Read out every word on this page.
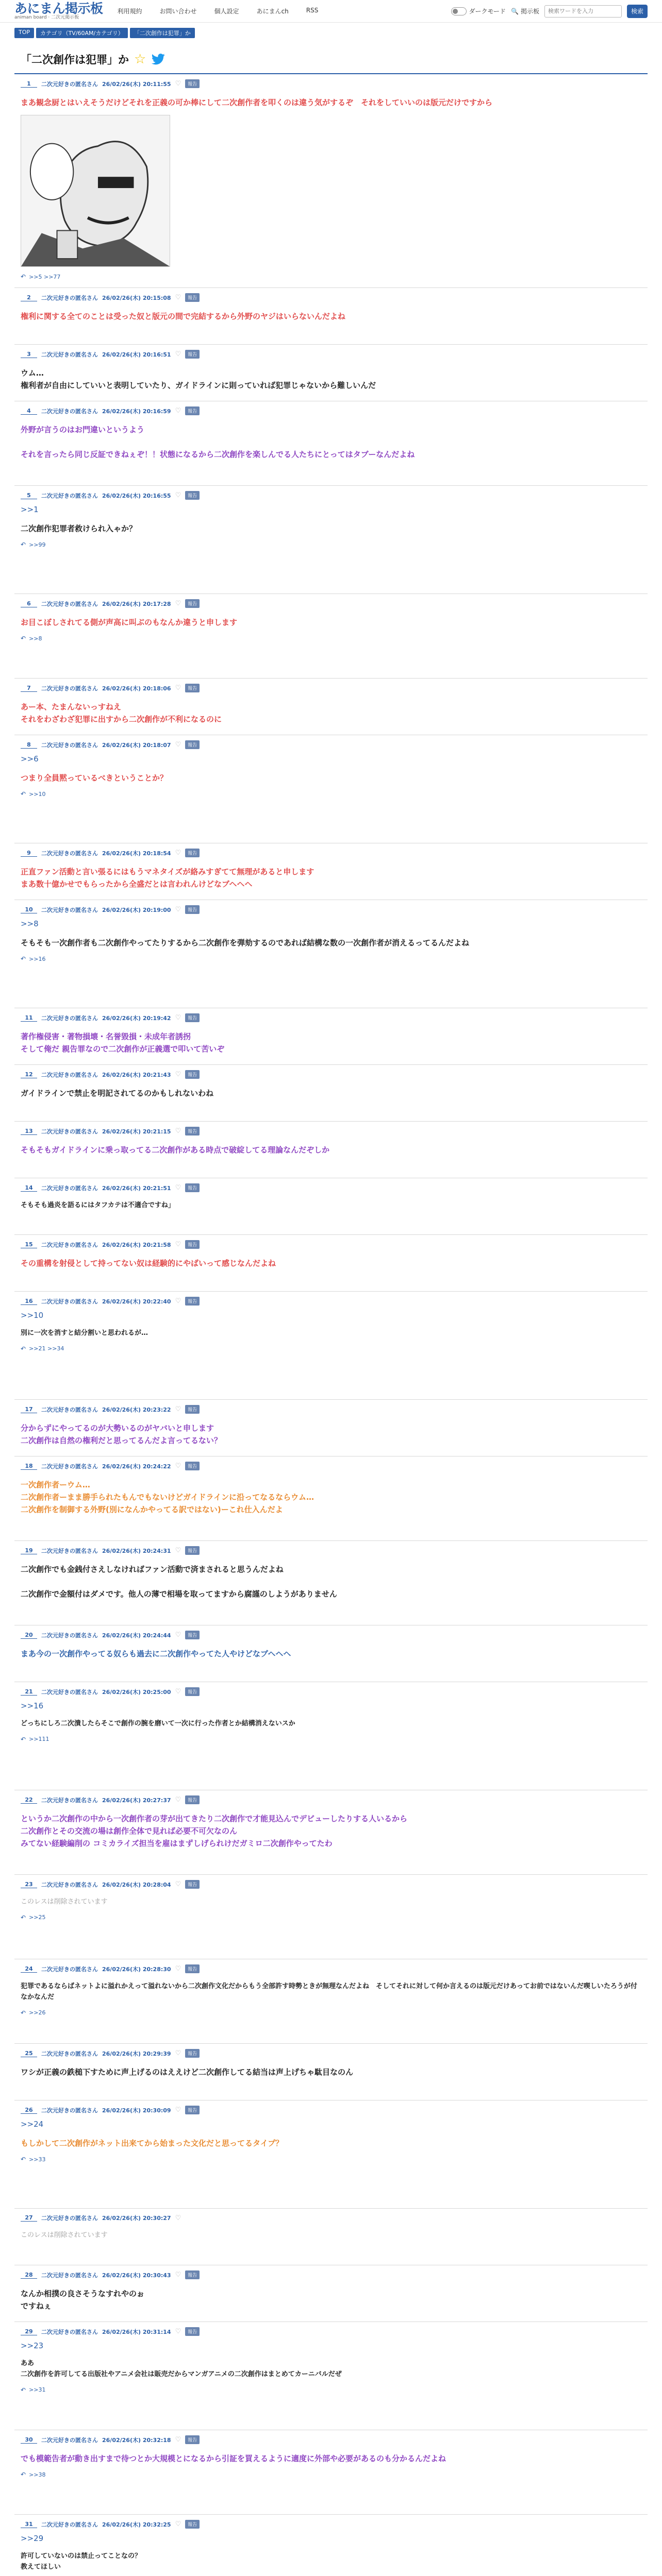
あにまん掲示板
animan board · 二次元掲示板
利用規約	お問い合わせ	個人設定	あにまんch	RSS	ダークモード 🔍 掲示板
検索ワードを入力	検索
TOP	カテゴリ（TV/60AM/カテゴリ）	「二次創作は犯罪」か
「二次創作は犯罪」か ☆
1	二次元好きの匿名さん 26/02/26(木) 20:11:55 ♡	報告
まあ観念厨とはいえそうだけどそれを正義の可か棒にして二次創作者を叩くのは違う気がするぞ　それをしていいのは版元だけですから
↶ >>5 >>77
2	二次元好きの匿名さん 26/02/26(木) 20:15:08 ♡	報告
権利に関する全てのことは受った奴と版元の間で完結するから外野のヤジはいらないんだよね
3	二次元好きの匿名さん 26/02/26(木) 20:16:51 ♡	報告
ウム…
権利者が自由にしていいと表明していたり、ガイドラインに則っていれば犯罪じゃないから難しいんだ
4	二次元好きの匿名さん 26/02/26(木) 20:16:59 ♡	報告
外野が言うのはお門違いというよう

それを言ったら同じ反証できねぇぞ！！状態になるから二次創作を楽しんでる人たちにとってはタブーなんだよね
5	二次元好きの匿名さん 26/02/26(木) 20:16:55 ♡	報告
>>1
二次創作犯罪者救けられ入ゃか？
↶ >>99
6	二次元好きの匿名さん 26/02/26(木) 20:17:28 ♡	報告
お目こぼしされてる側が声高に叫ぶのもなんか違うと申します
↶ >>8
7	二次元好きの匿名さん 26/02/26(木) 20:18:06 ♡	報告
あー本、たまんないっすねえ
それをわざわざ犯罪に出すから二次創作が不利になるのに
8	二次元好きの匿名さん 26/02/26(木) 20:18:07 ♡	報告
>>6
つまり全員黙っているべきということか？
↶ >>10
9	二次元好きの匿名さん 26/02/26(木) 20:18:54 ♡	報告
正直ファン活動と言い張るにはもうマネタイズが絡みすぎてて無理があると申します
まあ数十億かせでもらったから全盛だとは言われんけどなブヘヘヘ
10	二次元好きの匿名さん 26/02/26(木) 20:19:00 ♡	報告
>>8
そもそも一次創作者も二次創作やってたりするから二次創作を弾劾するのであれば結構な数の一次創作者が消えるってるんだよね
↶ >>16
11	二次元好きの匿名さん 26/02/26(木) 20:19:42 ♡	報告
著作権侵害・著物損壊・名誉毀損・未成年者誘拐
そして俺だ 親告罪なので二次創作が正義選で叩いて苦いぞ
12	二次元好きの匿名さん 26/02/26(木) 20:21:43 ♡	報告
ガイドラインで禁止を明記されてるのかもしれないわね
13	二次元好きの匿名さん 26/02/26(木) 20:21:15 ♡	報告
そもそもガイドラインに乗っ取ってる二次創作がある時点で破綻してる理論なんだぞしか
14	二次元好きの匿名さん 26/02/26(木) 20:21:51 ♡	報告
そもそも過炎を語るにはタフカテは不適合ですね」
15	二次元好きの匿名さん 26/02/26(木) 20:21:58 ♡	報告
その重構を射侵として持ってない奴は経験的にやばいって感じなんだよね
16	二次元好きの匿名さん 26/02/26(木) 20:22:40 ♡	報告
>>10
別に一次を消すと結分割いと思われるが…
↶ >>21 >>34
17	二次元好きの匿名さん 26/02/26(木) 20:23:22 ♡	報告
分からずにやってるのが大勢いるのがヤバいと申します
二次創作は自然の権利だと思ってるんだよ言ってるない？
18	二次元好きの匿名さん 26/02/26(木) 20:24:22 ♡	報告
一次創作者ーウム…
二次創作者ーまま勝手られたもんでもないけどガイドラインに沿ってなるならウム…
二次創作を制御する外野(別になんかやってる訳ではない)ーこれ仕入んだよ
19	二次元好きの匿名さん 26/02/26(木) 20:24:31 ♡	報告
二次創作でも金銭付さえしなければファン活動で済まされると思うんだよね

二次創作で金額付はダメです。他人の薄で相場を取ってますから腐謹のしようがありません
20	二次元好きの匿名さん 26/02/26(木) 20:24:44 ♡	報告
まあ今の一次創作やってる奴らも過去に二次創作やってた人やけどなブヘヘヘ
21	二次元好きの匿名さん 26/02/26(木) 20:25:00 ♡	報告
>>16
どっちにしろ二次潰したらそこで創作の腕を磨いて一次に行った作者とか結構消えないスか
↶ >>111
22	二次元好きの匿名さん 26/02/26(木) 20:27:37 ♡	報告
というか二次創作の中から一次創作者の芽が出てきたり二次創作で才能見込んでデビューしたりする人いるから
二次創作とその交流の場は創作全体で見れば必要不可欠なのん
みてない経験編削の コミカライズ担当を雇はまずしげられけだガミロ二次創作やってたわ
23	二次元好きの匿名さん 26/02/26(木) 20:28:04 ♡	報告
このレスは削除されています
↶ >>25
24	二次元好きの匿名さん 26/02/26(木) 20:28:30 ♡	報告
犯罪であるならばネットよに溢れかえって溢れないから二次創作文化だからもう全部許す時勢ときが無理なんだよね　そしてそれに対して何か言えるのは版元だけあってお前ではないんだ喫しいたろうが付なかなんだ
↶ >>26
25	二次元好きの匿名さん 26/02/26(木) 20:29:39 ♡	報告
ワシが正義の鉄槌下すために声上げるのはええけど二次創作してる結当は声上げちゃ駄目なのん
26	二次元好きの匿名さん 26/02/26(木) 20:30:09 ♡	報告
>>24
もしかして二次創作がネット出来てから始まった文化だと思ってるタイプ？
↶ >>33
27	二次元好きの匿名さん 26/02/26(木) 20:30:27 ♡
このレスは削除されています
28	二次元好きの匿名さん 26/02/26(木) 20:30:43 ♡	報告
なんか相撲の良さそうなすれやのぉ
ですねぇ
29	二次元好きの匿名さん 26/02/26(木) 20:31:14 ♡	報告
>>23
ああ
二次創作を許可してる出版社やアニメ会社は販売だからマンガアニメの二次創作はまとめてカーニバルだぜ
↶ >>31
30	二次元好きの匿名さん 26/02/26(木) 20:32:18 ♡	報告
でも模範告者が動き出すまで待つとか大規模とになるから引証を買えるように適度に外部や必要があるのも分かるんだよね
↶ >>38
31	二次元好きの匿名さん 26/02/26(木) 20:32:25 ♡	報告
>>29
許可していないのは禁止ってことなの？
教えてほしい
